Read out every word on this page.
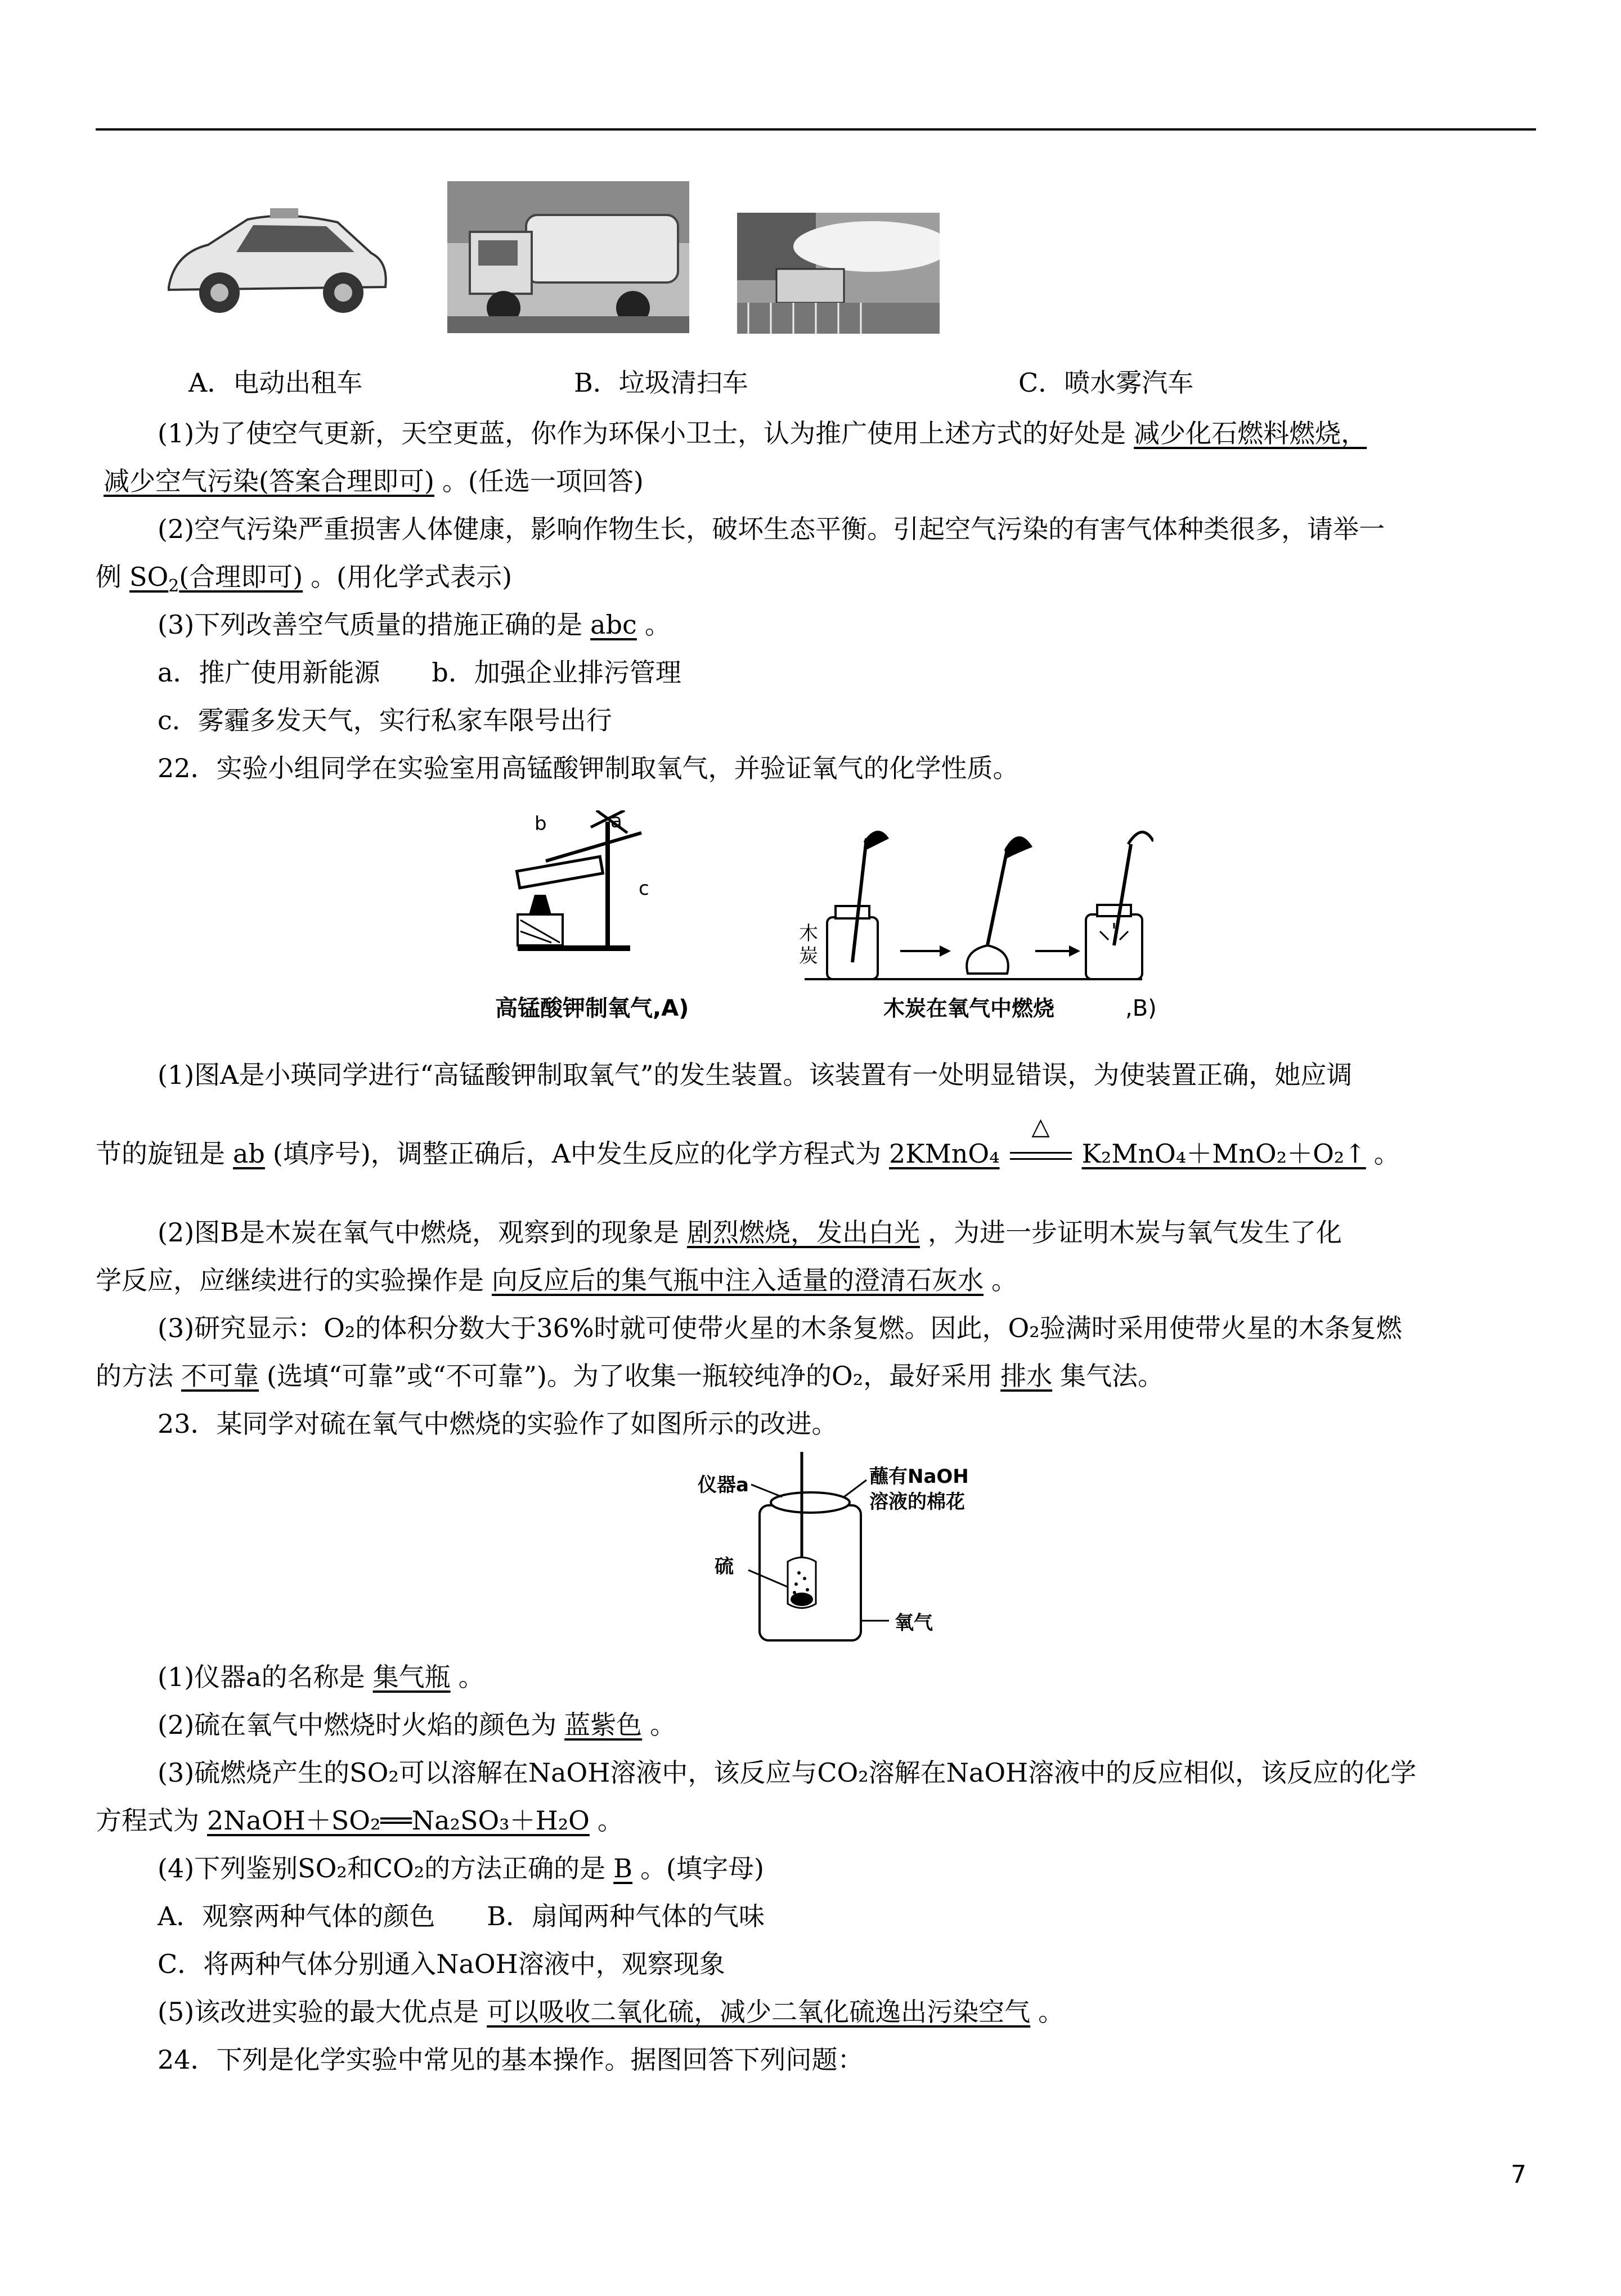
A．电动出租车	B．垃圾清扫车	C．喷水雾汽车
(1)为了使空气更新，天空更蓝，你作为环保小卫士，认为推广使用上述方式的好处是 减少化石燃料燃烧，
减少空气污染(答案合理即可) 。(任选一项回答)
(2)空气污染严重损害人体健康，影响作物生长，破坏生态平衡。引起空气污染的有害气体种类很多，请举一
例 $SO_2$(合理即可) 。(用化学式表示)
(3)下列改善空气质量的措施正确的是 abc 。
a．推广使用新能源　　b．加强企业排污管理
c．雾霾多发天气，实行私家车限号出行
22．实验小组同学在实验室用高锰酸钾制取氧气，并验证氧气的化学性质。
b	a
c
高锰酸钾制氧气,A)
木
炭
木炭在氧气中燃烧	,B)
(1)图A是小瑛同学进行“高锰酸钾制取氧气”的发生装置。该装置有一处明显错误，为使装置正确，她应调
节的旋钮是 ab (填序号)，调整正确后，A中发生反应的化学方程式为 2KMnO₄
△
K₂MnO₄＋MnO₂＋O₂↑ 。
(2)图B是木炭在氧气中燃烧，观察到的现象是 剧烈燃烧，发出白光 ，为进一步证明木炭与氧气发生了化
学反应，应继续进行的实验操作是 向反应后的集气瓶中注入适量的澄清石灰水 。
(3)研究显示：O₂的体积分数大于36%时就可使带火星的木条复燃。因此，O₂验满时采用使带火星的木条复燃
的方法 不可靠 (选填“可靠”或“不可靠”)。为了收集一瓶较纯净的O₂，最好采用 排水 集气法。
23．某同学对硫在氧气中燃烧的实验作了如图所示的改进。
仪器a	蘸有NaOH
溶液的棉花
硫
氧气
(1)仪器a的名称是 集气瓶 。
(2)硫在氧气中燃烧时火焰的颜色为 蓝紫色 。
(3)硫燃烧产生的SO₂可以溶解在NaOH溶液中，该反应与CO₂溶解在NaOH溶液中的反应相似，该反应的化学
方程式为 2NaOH＋SO₂══Na₂SO₃＋H₂O 。
(4)下列鉴别SO₂和CO₂的方法正确的是 B 。(填字母)
A．观察两种气体的颜色　　B．扇闻两种气体的气味
C．将两种气体分别通入NaOH溶液中，观察现象
(5)该改进实验的最大优点是 可以吸收二氧化硫，减少二氧化硫逸出污染空气 。
24．下列是化学实验中常见的基本操作。据图回答下列问题：
7
